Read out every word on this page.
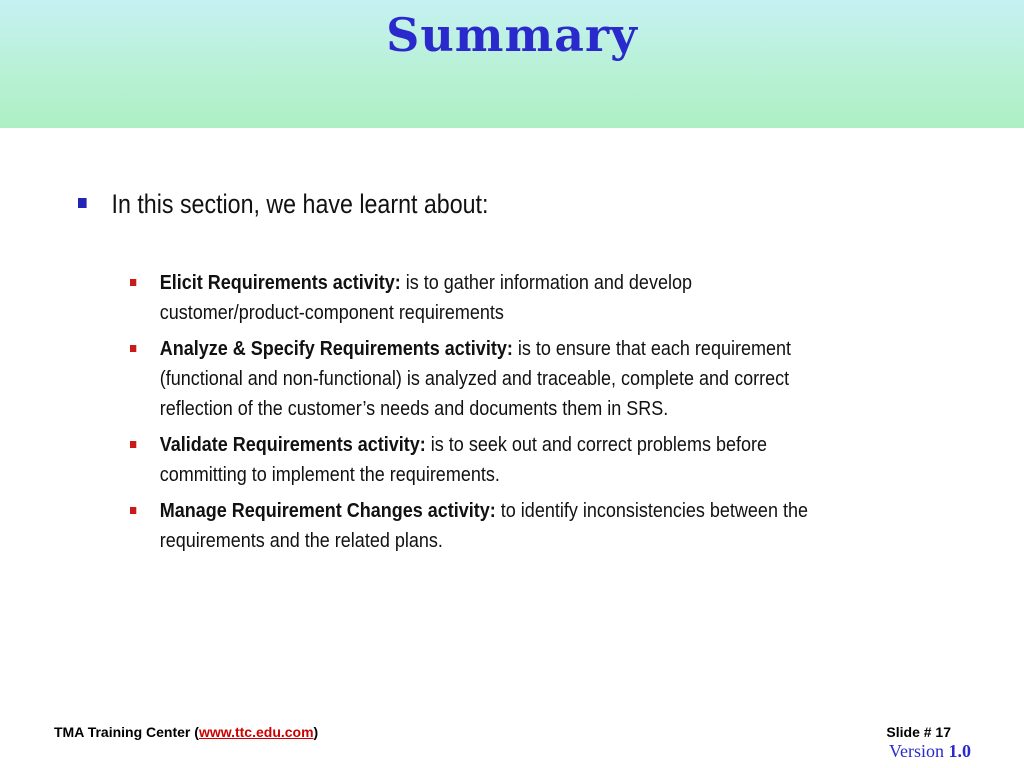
Summary
In this section, we have learnt about:
Elicit Requirements activity: is to gather information and develop customer/product-component requirements
Analyze & Specify Requirements activity: is to ensure that each requirement (functional and non-functional) is analyzed and traceable, complete and correct reflection of the customer’s needs and documents them in SRS.
Validate Requirements activity: is to seek out and correct problems before committing to implement the requirements.
Manage Requirement Changes activity: to identify inconsistencies between the requirements and the related plans.
TMA Training Center (www.ttc.edu.com)	Slide # 17
Version 1.0
